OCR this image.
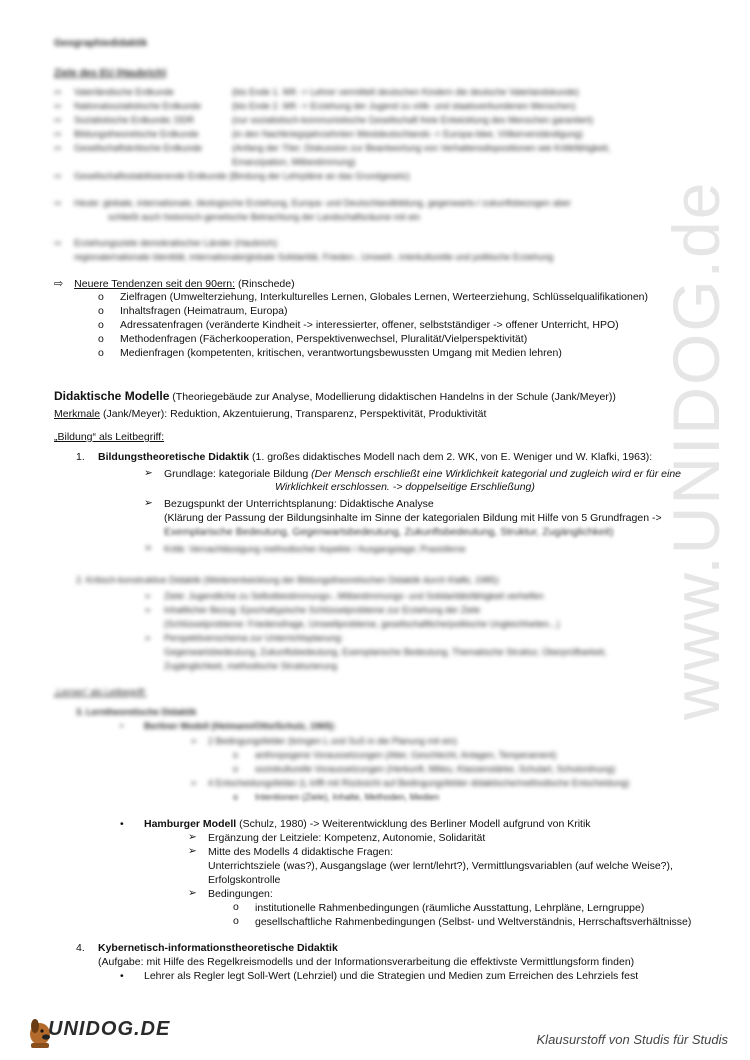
www.UNIDOG.de
Geographiedidaktik
Ziele des EU (Haubrich)
⇨ Vaterländische Erdkunde	(bis Ende 1. WK -> Lehrer vermittelt deutschen Kindern die deutsche Vaterlandskunde)
⇨ Nationalsozialistische Erdkunde	(bis Ende 2. WK -> Erziehung der Jugend zu völk- und staatsverbundenen Menschen)
⇨ Sozialistische Erdkunde; DDR	(nur sozialistisch-kommunistische Gesellschaft freie Entwicklung des Menschen garantiert)
⇨ Bildungstheoretische Erdkunde	(in den Nachkriegsjahrzehnten Westdeutschlands -> Europa-Idee, Völkerverständigung)
⇨ Gesellschaftskritische Erdkunde	(Anfang der 70er; Diskussion zur Beantwortung von Verhaltensdispositionen wie Kritikfähigkeit,
Emanzipation, Mitbestimmung)
⇨ Gesellschaftsstabilisierende Erdkunde (Bindung der Lehrpläne an das Grundgesetz)
⇨ Heute: globale, internationale, ökologische Erziehung, Europa- und Deutschlandbildung, gegenwarts-/ zukunftsbezogen aber
schließt auch historisch-genetische Betrachtung der Landschaftsräume mit ein
⇨ Erziehungsziele demokratischer Länder (Haubrich):
regionale/nationale Identität, internationale/globale Solidarität, Frieden-, Umwelt-, interkulturelle und politische Erziehung
⇨ Neuere Tendenzen seit den 90ern: (Rinschede)
o Zielfragen (Umwelterziehung, Interkulturelles Lernen, Globales Lernen, Werteerziehung, Schlüsselqualifikationen)
o Inhaltsfragen (Heimatraum, Europa)
o Adressatenfragen (veränderte Kindheit -> interessierter, offener, selbstständiger -> offener Unterricht, HPO)
o Methodenfragen (Fächerkooperation, Perspektivenwechsel, Pluralität/Vielperspektivität)
o Medienfragen (kompetenten, kritischen, verantwortungsbewussten Umgang mit Medien lehren)
Didaktische Modelle (Theoriegebäude zur Analyse, Modellierung didaktischen Handelns in der Schule (Jank/Meyer))
Merkmale (Jank/Meyer): Reduktion, Akzentuierung, Transparenz, Perspektivität, Produktivität
„Bildung“ als Leitbegriff:
1. Bildungstheoretische Didaktik (1. großes didaktisches Modell nach dem 2. WK, von E. Weniger und W. Klafki, 1963):
➢ Grundlage: kategoriale Bildung (Der Mensch erschließt eine Wirklichkeit kategorial und zugleich wird er für eine
Wirklichkeit erschlossen. -> doppelseitige Erschließung)
➢ Bezugspunkt der Unterrichtsplanung: Didaktische Analyse
(Klärung der Passung der Bildungsinhalte im Sinne der kategorialen Bildung mit Hilfe von 5 Grundfragen ->
Exemplarische Bedeutung, Gegenwartsbedeutung, Zukunftsbedeutung, Struktur, Zugänglichkeit)
➢ Kritik: Vernachlässigung methodischer Aspekte / Ausgangslage; Praxisferne
2. Kritisch-konstruktive Didaktik (Weiterentwicklung der Bildungstheoretischen Didaktik durch Klafki, 1985):
➢ Ziele: Jugendliche zu Selbstbestimmungs-, Mitbestimmungs- und Solidaritätsfähigkeit verhelfen
➢ Inhaltlicher Bezug: Epochaltypische Schlüsselprobleme zur Erziehung der Ziele
(Schlüsselprobleme: Friedensfrage, Umweltprobleme, gesellschaftliche/politische Ungleichheiten...)
➢ Perspektivenschema zur Unterrichtsplanung:
Gegenwartsbedeutung, Zukunftsbedeutung, Exemplarische Bedeutung, Thematische Struktur, Überprüfbarkeit,
Zugänglichkeit, methodische Strukturierung
„Lernen“ als Leitbegriff:
3. Lerntheoretische Didaktik
• Berliner Modell (Heimann/Otto/Schulz, 1965):
➢ 2 Bedingungsfelder (bringen L und SuS in die Planung mit ein)
o anthropogene Voraussetzungen (Alter, Geschlecht, Anlagen, Temperament)
o soziokulturelle Voraussetzungen (Herkunft, Milieu, Klassenstärke, Schulart, Schulordnung)
➢ 4 Entscheidungsfelder (L trifft mit Rücksicht auf Bedingungsfelder didaktische/methodische Entscheidung)
o Intentionen (Ziele), Inhalte, Methoden, Medien
• Hamburger Modell (Schulz, 1980) -> Weiterentwicklung des Berliner Modell aufgrund von Kritik
➢ Ergänzung der Leitziele: Kompetenz, Autonomie, Solidarität
➢ Mitte des Modells 4 didaktische Fragen:
Unterrichtsziele (was?), Ausgangslage (wer lernt/lehrt?), Vermittlungsvariablen (auf welche Weise?),
Erfolgskontrolle
➢ Bedingungen:
o institutionelle Rahmenbedingungen (räumliche Ausstattung, Lehrpläne, Lerngruppe)
o gesellschaftliche Rahmenbedingungen (Selbst- und Weltverständnis, Herrschaftsverhältnisse)
4. Kybernetisch-informationstheoretische Didaktik
(Aufgabe: mit Hilfe des Regelkreismodells und der Informationsverarbeitung die effektivste Vermittlungsform finden)
• Lehrer als Regler legt Soll-Wert (Lehrziel) und die Strategien und Medien zum Erreichen des Lehrziels fest
UNIDOG.DE	Klausurstoff von Studis für Studis
